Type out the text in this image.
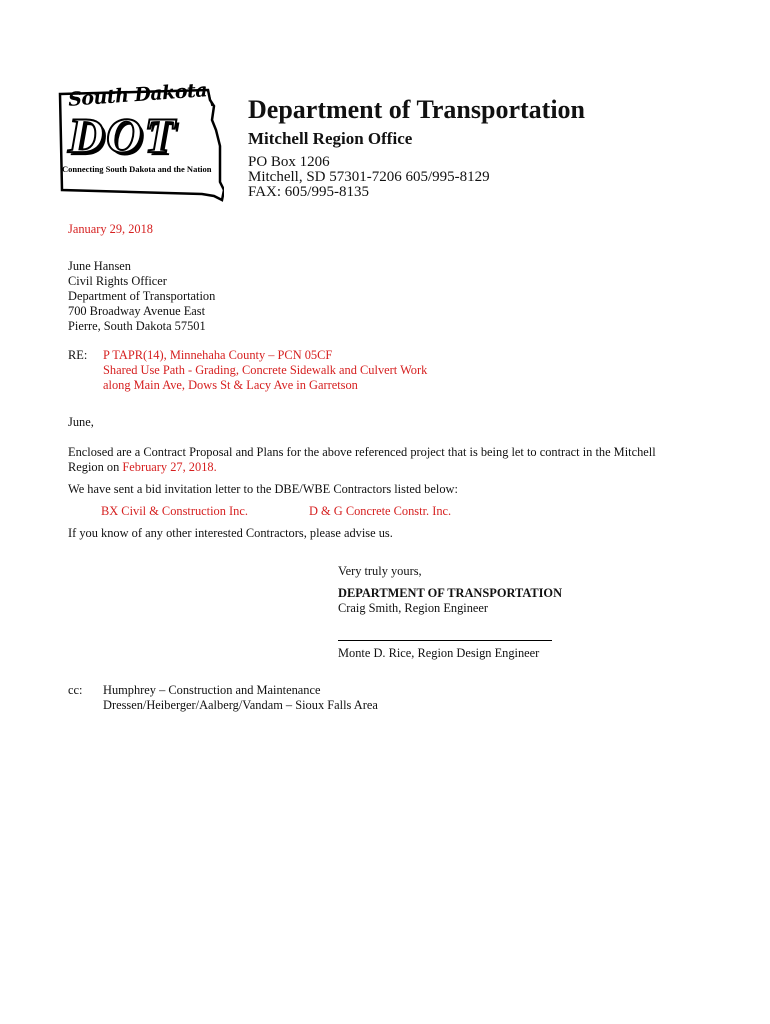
South Dakota
DOT
Connecting South Dakota and the Nation
Department of Transportation
Mitchell Region Office
PO Box 1206
Mitchell, SD 57301-7206 605/995-8129
FAX: 605/995-8135
January 29, 2018
June Hansen
Civil Rights Officer
Department of Transportation
700 Broadway Avenue East
Pierre, South Dakota 57501
RE: P TAPR(14), Minnehaha County – PCN 05CF
Shared Use Path - Grading, Concrete Sidewalk and Culvert Work
along Main Ave, Dows St & Lacy Ave in Garretson
June,
Enclosed are a Contract Proposal and Plans for the above referenced project that is being let to contract in the Mitchell
Region on February 27, 2018.
We have sent a bid invitation letter to the DBE/WBE Contractors listed below:
BX Civil & Construction Inc.	D & G Concrete Constr. Inc.
If you know of any other interested Contractors, please advise us.
Very truly yours,
DEPARTMENT OF TRANSPORTATION
Craig Smith, Region Engineer
Monte D. Rice, Region Design Engineer
cc: Humphrey – Construction and Maintenance
Dressen/Heiberger/Aalberg/Vandam – Sioux Falls Area
